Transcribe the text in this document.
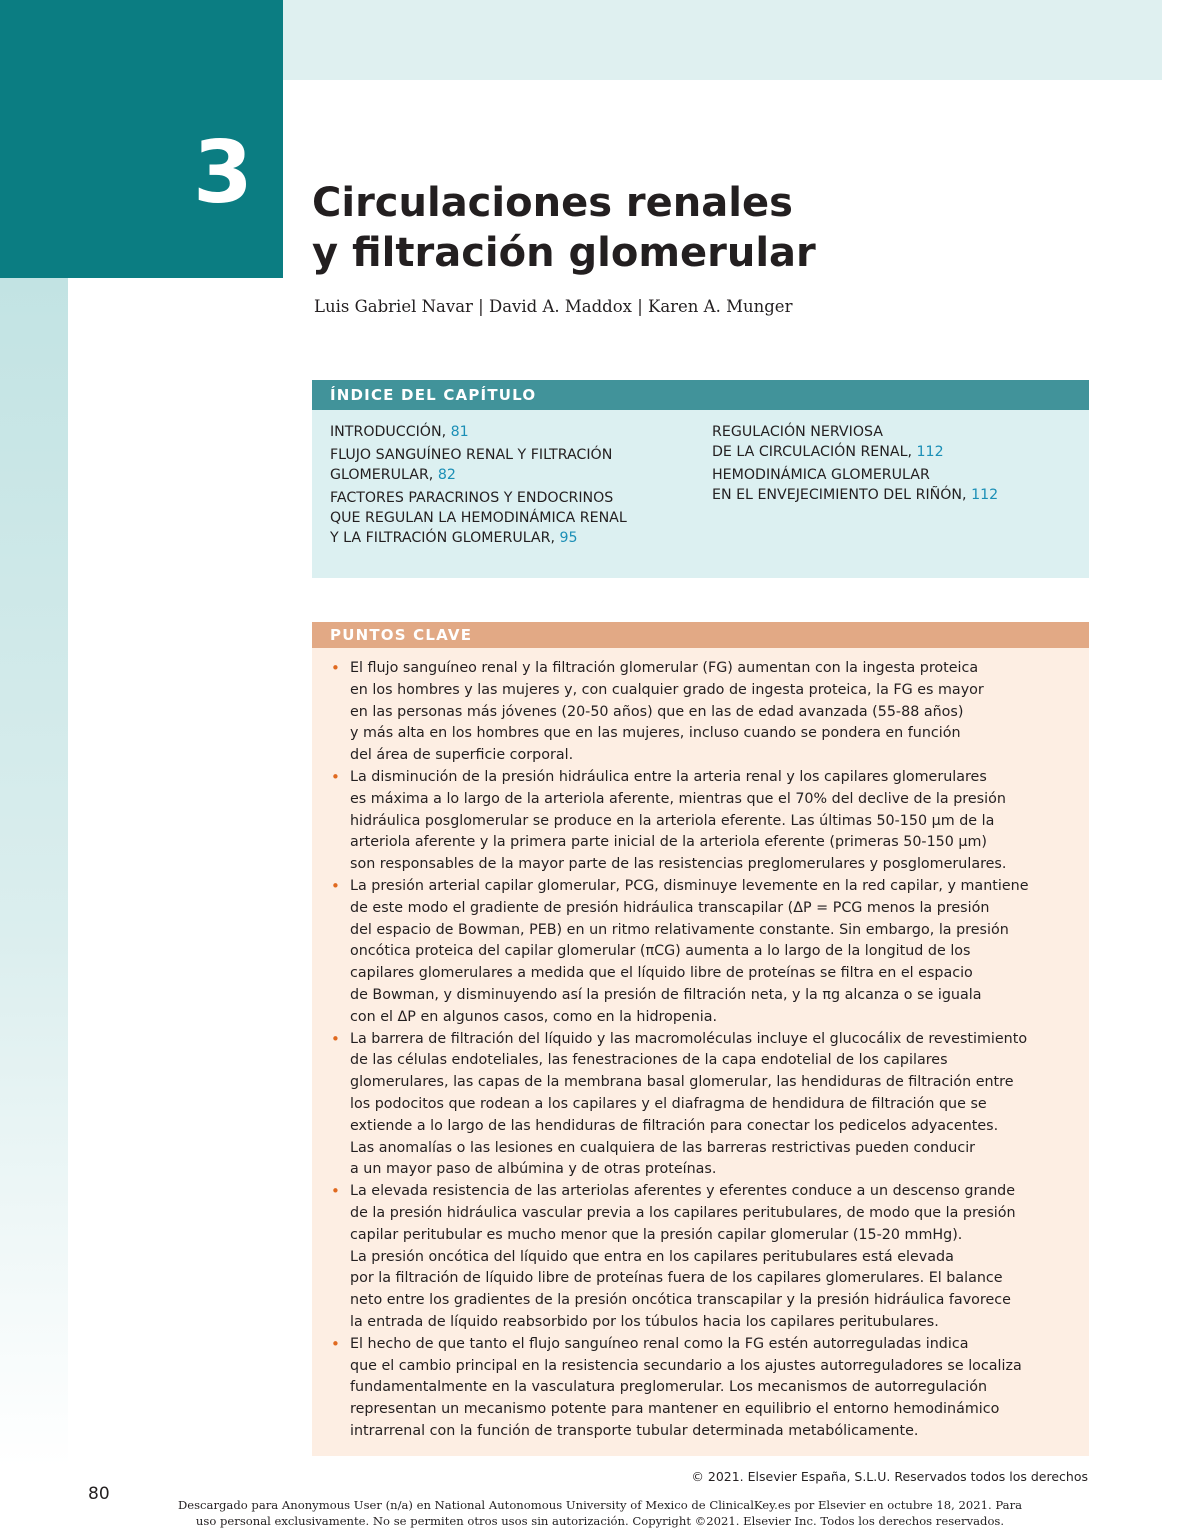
3	Circulaciones renales
y filtración glomerular
Luis Gabriel Navar | David A. Maddox | Karen A. Munger
ÍNDICE DEL CAPÍTULO
INTRODUCCIÓN, 81
FLUJO SANGUÍNEO RENAL Y FILTRACIÓN
GLOMERULAR, 82
FACTORES PARACRINOS Y ENDOCRINOS
QUE REGULAN LA HEMODINÁMICA RENAL
Y LA FILTRACIÓN GLOMERULAR, 95
REGULACIÓN NERVIOSA
DE LA CIRCULACIÓN RENAL, 112
HEMODINÁMICA GLOMERULAR
EN EL ENVEJECIMIENTO DEL RIÑÓN, 112
PUNTOS CLAVE
• El flujo sanguíneo renal y la filtración glomerular (FG) aumentan con la ingesta proteica
en los hombres y las mujeres y, con cualquier grado de ingesta proteica, la FG es mayor
en las personas más jóvenes (20-50 años) que en las de edad avanzada (55-88 años)
y más alta en los hombres que en las mujeres, incluso cuando se pondera en función
del área de superficie corporal.
• La disminución de la presión hidráulica entre la arteria renal y los capilares glomerulares
es máxima a lo largo de la arteriola aferente, mientras que el 70% del declive de la presión
hidráulica posglomerular se produce en la arteriola eferente. Las últimas 50-150 µm de la
arteriola aferente y la primera parte inicial de la arteriola eferente (primeras 50-150 µm)
son responsables de la mayor parte de las resistencias preglomerulares y posglomerulares.
• La presión arterial capilar glomerular, PCG, disminuye levemente en la red capilar, y mantiene
de este modo el gradiente de presión hidráulica transcapilar (ΔP = PCG menos la presión
del espacio de Bowman, PEB) en un ritmo relativamente constante. Sin embargo, la presión
oncótica proteica del capilar glomerular (πCG) aumenta a lo largo de la longitud de los
capilares glomerulares a medida que el líquido libre de proteínas se filtra en el espacio
de Bowman, y disminuyendo así la presión de filtración neta, y la πg alcanza o se iguala
con el ΔP en algunos casos, como en la hidropenia.
• La barrera de filtración del líquido y las macromoléculas incluye el glucocálix de revestimiento
de las células endoteliales, las fenestraciones de la capa endotelial de los capilares
glomerulares, las capas de la membrana basal glomerular, las hendiduras de filtración entre
los podocitos que rodean a los capilares y el diafragma de hendidura de filtración que se
extiende a lo largo de las hendiduras de filtración para conectar los pedicelos adyacentes.
Las anomalías o las lesiones en cualquiera de las barreras restrictivas pueden conducir
a un mayor paso de albúmina y de otras proteínas.
• La elevada resistencia de las arteriolas aferentes y eferentes conduce a un descenso grande
de la presión hidráulica vascular previa a los capilares peritubulares, de modo que la presión
capilar peritubular es mucho menor que la presión capilar glomerular (15-20 mmHg).
La presión oncótica del líquido que entra en los capilares peritubulares está elevada
por la filtración de líquido libre de proteínas fuera de los capilares glomerulares. El balance
neto entre los gradientes de la presión oncótica transcapilar y la presión hidráulica favorece
la entrada de líquido reabsorbido por los túbulos hacia los capilares peritubulares.
• El hecho de que tanto el flujo sanguíneo renal como la FG estén autorreguladas indica
que el cambio principal en la resistencia secundario a los ajustes autorreguladores se localiza
fundamentalmente en la vasculatura preglomerular. Los mecanismos de autorregulación
representan un mecanismo potente para mantener en equilibrio el entorno hemodinámico
intrarrenal con la función de transporte tubular determinada metabólicamente.
© 2021. Elsevier España, S.L.U. Reservados todos los derechos
80
Descargado para Anonymous User (n/a) en National Autonomous University of Mexico de ClinicalKey.es por Elsevier en octubre 18, 2021. Para
uso personal exclusivamente. No se permiten otros usos sin autorización. Copyright ©2021. Elsevier Inc. Todos los derechos reservados.
